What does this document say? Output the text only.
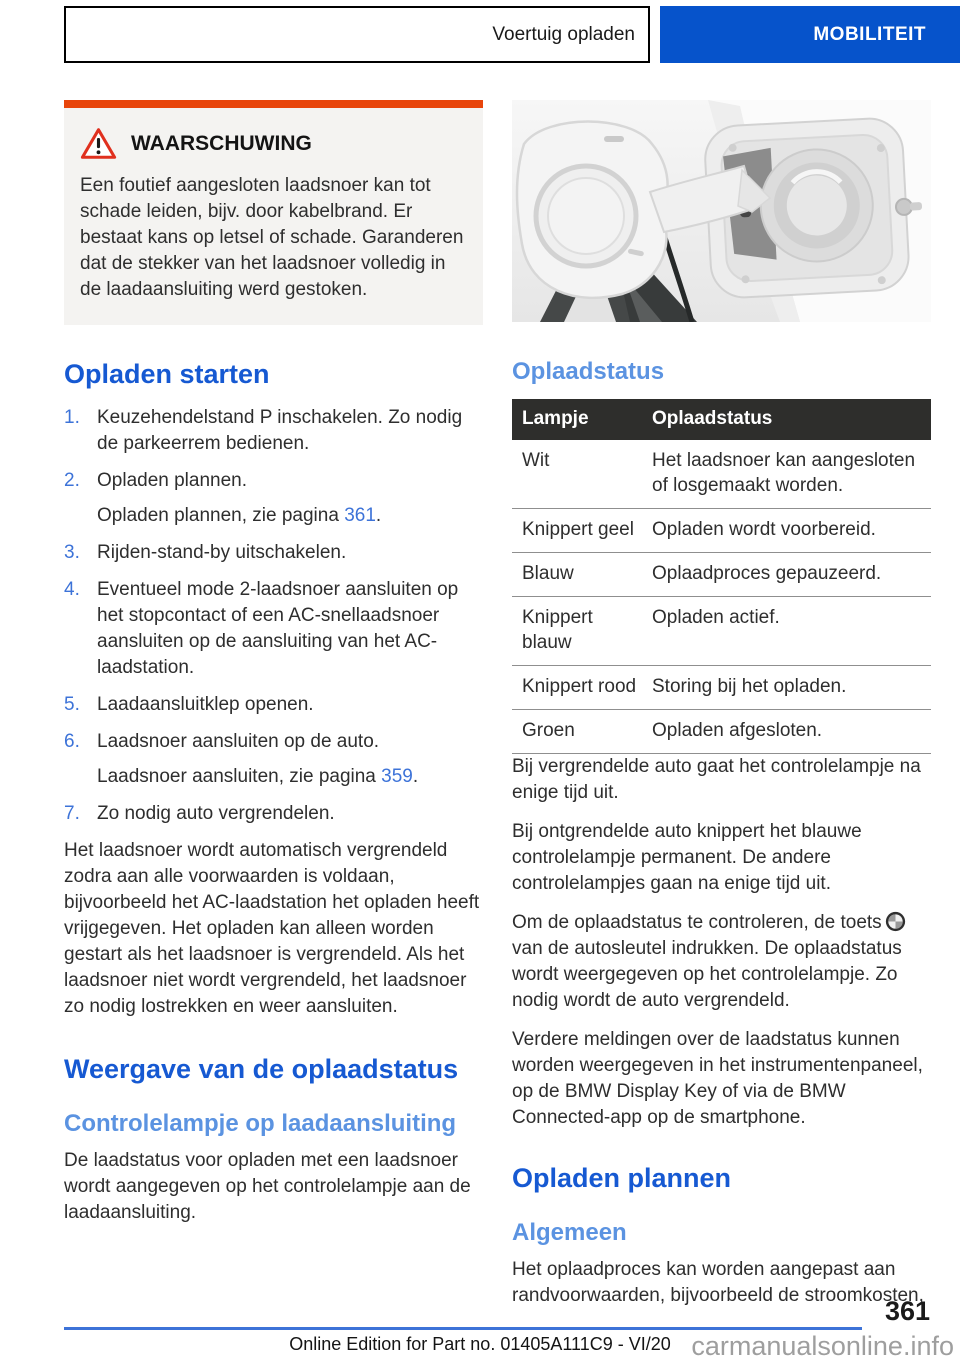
Voertuig opladen	MOBILITEIT
WAARSCHUWING

Een foutief aangesloten laadsnoer kan tot schade leiden, bijv. door kabelbrand. Er bestaat kans op letsel of schade. Garanderen dat de stekker van het laadsnoer volledig in de laadaansluiting werd gestoken.

Opladen starten
1. Keuzehendelstand P inschakelen. Zo nodig de parkeerrem bedienen.

2. Opladen plannen.

Opladen plannen, zie pagina 361.

3. Rijden-stand-by uitschakelen.

4. Eventueel mode 2-laadsnoer aansluiten op het stopcontact of een AC-snellaadsnoer aansluiten op de aansluiting van het AC-laadstation.

5. Laadaansluitklep openen.

6. Laadsnoer aansluiten op de auto.

Laadsnoer aansluiten, zie pagina 359.

7. Zo nodig auto vergrendelen.

Het laadsnoer wordt automatisch vergrendeld zodra aan alle voorwaarden is voldaan, bijvoorbeeld het AC-laadstation het opladen heeft vrijgegeven. Het opladen kan alleen worden gestart als het laadsnoer is vergrendeld. Als het laadsnoer niet wordt vergrendeld, het laadsnoer zo nodig lostrekken en weer aansluiten.

Weergave van de oplaadstatus
Controlelampje op laadaansluiting

De laadstatus voor opladen met een laadsnoer wordt aangegeven op het controlelampje aan de laadaansluiting.

Oplaadstatus
Lampje	Oplaadstatus
Wit	Het laadsnoer kan aangesloten of losgemaakt worden.
Knippert geel	Opladen wordt voorbereid.
Blauw	Oplaadproces gepauzeerd.
Knippert blauw	Opladen actief.
Knippert rood	Storing bij het opladen.
Groen	Opladen afgesloten.

Bij vergrendelde auto gaat het controlelampje na enige tijd uit.

Bij ontgrendelde auto knippert het blauwe controlelampje permanent. De andere controlelampjes gaan na enige tijd uit.

Om de oplaadstatus te controleren, de toetsvan de autosleutel indrukken. De oplaadstatus wordt weergegeven op het controlelampje. Zo nodig wordt de auto vergrendeld.

Verdere meldingen over de laadstatus kunnen worden weergegeven in het instrumentenpaneel, op de BMW Display Key of via de BMW Connected-app op de smartphone.

Opladen plannen
Algemeen

Het oplaadproces kan worden aangepast aan randvoorwaarden, bijvoorbeeld de stroomkosten,

361
Online Edition for Part no. 01405A111C9 - VI/20 carmanualsonline.info
